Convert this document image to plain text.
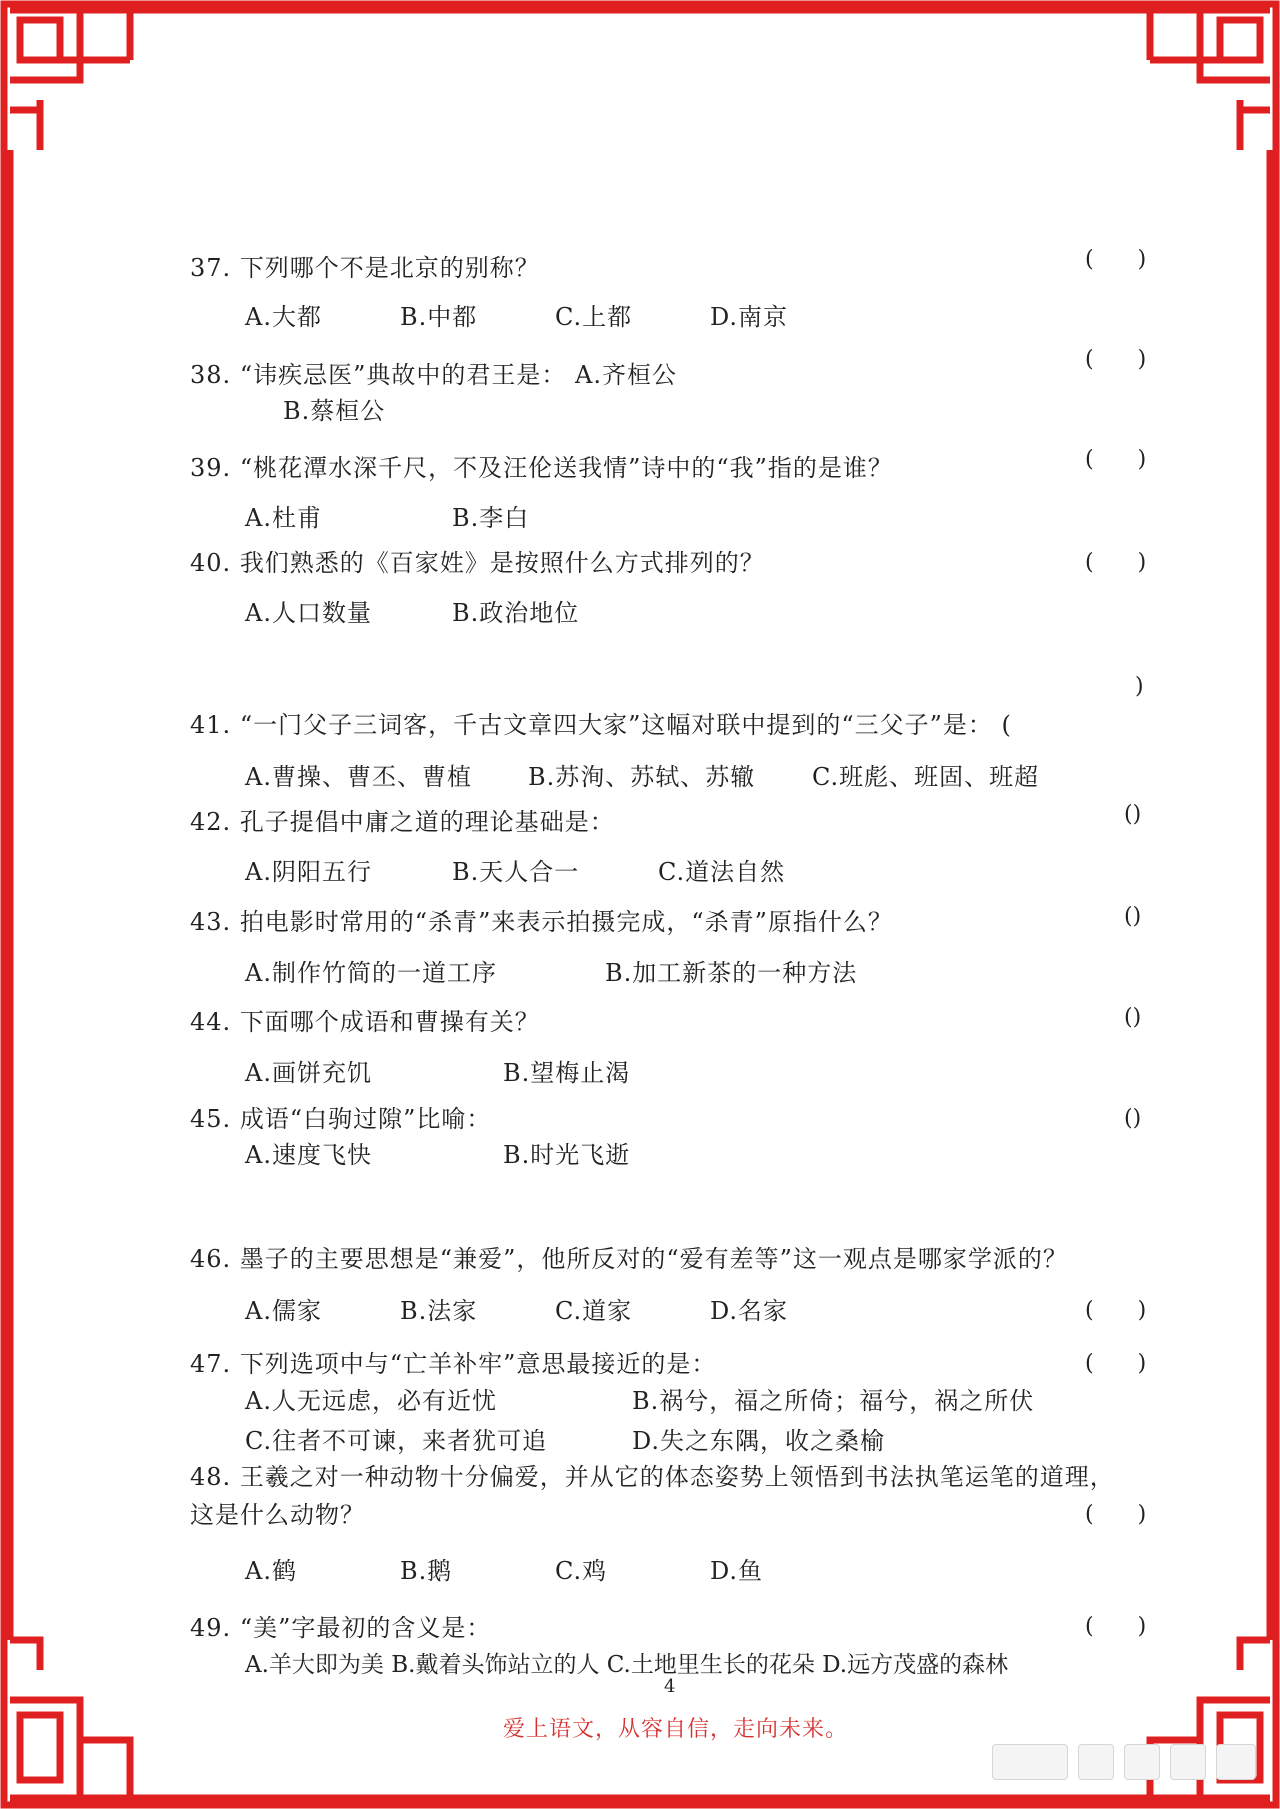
37. 下列哪个不是北京的别称？	(　　)
A.大都	B.中都	C.上都	D.南京
38. “讳疾忌医”典故中的君王是： A.齐桓公
(　　)
B.蔡桓公
39. “桃花潭水深千尺，不及汪伦送我情”诗中的“我”指的是谁？	(　　)
A.杜甫	B.李白
40. 我们熟悉的《百家姓》是按照什么方式排列的？	(　　)
A.人口数量	B.政治地位
)
41. “一门父子三词客，千古文章四大家”这幅对联中提到的“三父子”是： (
A.曹操、曹丕、曹植 B.苏洵、苏轼、苏辙 C.班彪、班固、班超
42. 孔子提倡中庸之道的理论基础是：	()
A.阴阳五行	B.天人合一	C.道法自然
43. 拍电影时常用的“杀青”来表示拍摄完成，“杀青”原指什么？	()
A.制作竹简的一道工序	B.加工新茶的一种方法
44. 下面哪个成语和曹操有关？	()
A.画饼充饥	B.望梅止渴
45. 成语“白驹过隙”比喻：	()
A.速度飞快	B.时光飞逝
46. 墨子的主要思想是“兼爱”，他所反对的“爱有差等”这一观点是哪家学派的？
A.儒家	B.法家	C.道家	D.名家	(　　)
47. 下列选项中与“亡羊补牢”意思最接近的是：	(　　)
A.人无远虑，必有近忧	B.祸兮，福之所倚；福兮，祸之所伏
C.往者不可谏，来者犹可追	D.失之东隅，收之桑榆
48. 王羲之对一种动物十分偏爱，并从它的体态姿势上领悟到书法执笔运笔的道理，
这是什么动物？	(　　)
A.鹤	B.鹅	C.鸡	D.鱼
49. “美”字最初的含义是：	(　　)
A.羊大即为美 B.戴着头饰站立的人 C.土地里生长的花朵 D.远方茂盛的森林
4
爱上语文，从容自信，走向未来。
